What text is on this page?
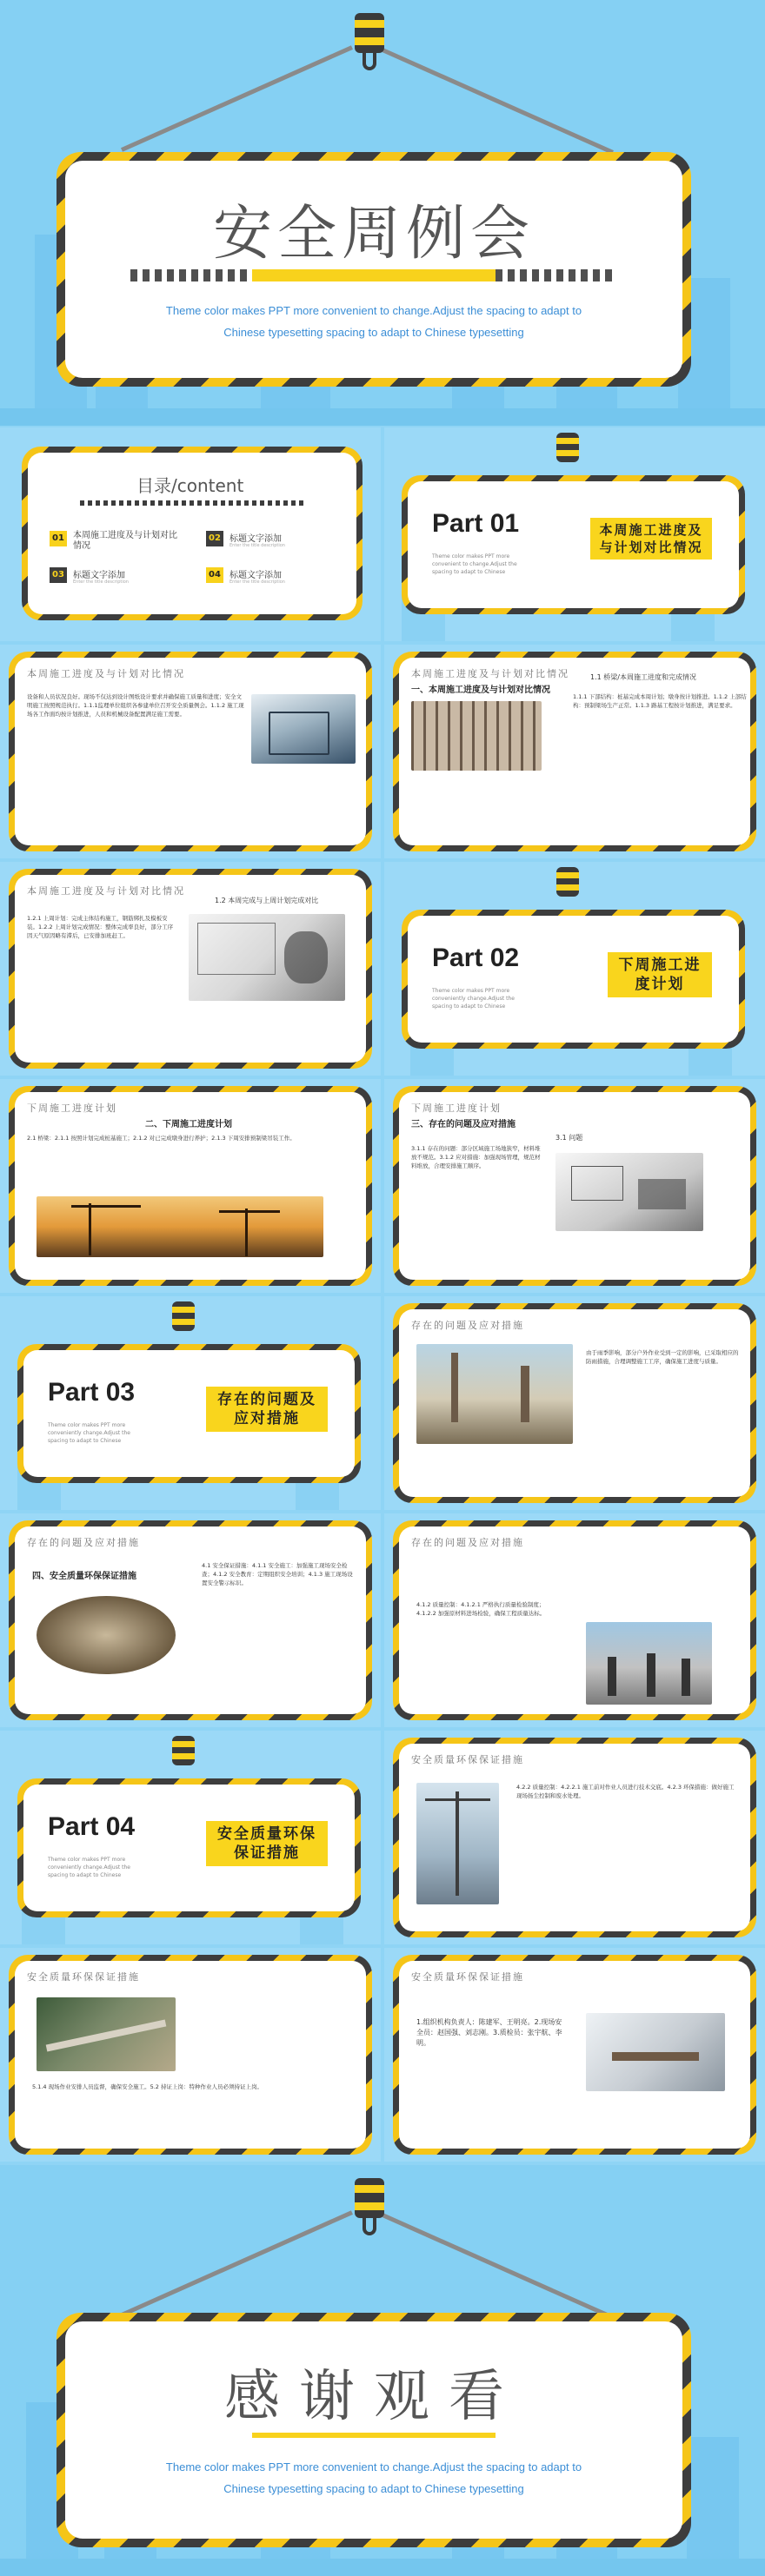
安全周例会
Theme color makes PPT more convenient to change.Adjust the spacing to adapt to
Chinese typesetting spacing to adapt to Chinese typesetting
目录/content
01	本周施工进度及与计划对比情况
02	标题文字添加
Enter the title description
03	标题文字添加
Enter the title description
04	标题文字添加
Enter the title description
Part 01
Theme color makes PPT more convenient to change.Adjust the spacing to adapt to Chinese
本周施工进度及与计划对比情况
本周施工进度及与计划对比情况
设备和人员状况良好。现场不仅达到设计图纸设计要求并确保施工质量和进度；安全文明施工按照规范执行。1.1.1监理单位组织各参建单位召开安全质量例会。1.1.2 施工现场各工作面均按计划推进，人员和机械设备配置满足施工需要。
本周施工进度及与计划对比情况
一、本周施工进度及与计划对比情况
1.1 桥梁/本周施工进度和完成情况
1.1.1 下部结构：桩基完成本周计划；墩身按计划推进。1.1.2 上部结构：预制梁场生产正常。1.1.3 路基工程按计划推进，满足要求。
本周施工进度及与计划对比情况
1.2 本周完成与上周计划完成对比
1.2.1 上周计划：完成主体结构施工，钢筋绑扎及模板安装。1.2.2 上周计划完成情况：整体完成率良好，部分工序因天气原因略有滞后，已安排加班赶工。
Part 02
Theme color makes PPT more conveniently change.Adjust the spacing to adapt to Chinese
下周施工进度计划
下周施工进度计划
二、下周施工进度计划
2.1 桥梁：2.1.1 按照计划完成桩基施工；2.1.2 对已完成墩身进行养护；2.1.3 下周安排预制梁吊装工作。
下周施工进度计划
三、存在的问题及应对措施
3.1 问题
3.1.1 存在的问题：部分区域施工场地狭窄，材料堆放不规范。3.1.2 应对措施：加强现场管理，规范材料堆放，合理安排施工顺序。
Part 03
Theme color makes PPT more conveniently change.Adjust the spacing to adapt to Chinese
存在的问题及应对措施
存在的问题及应对措施
由于雨季影响，部分户外作业受到一定的影响，已采取相应的防雨措施，合理调整施工工序，确保施工进度与质量。
存在的问题及应对措施
四、安全质量环保保证措施
4.1 安全保证措施：4.1.1 安全施工：加强施工现场安全检查；4.1.2 安全教育：定期组织安全培训；4.1.3 施工现场设置安全警示标识。
存在的问题及应对措施
4.1.2 质量控制：4.1.2.1 严格执行质量检验制度；4.1.2.2 加强原材料进场检验，确保工程质量达标。
Part 04
Theme color makes PPT more conveniently change.Adjust the spacing to adapt to Chinese
安全质量环保保证措施
安全质量环保保证措施
4.2.2 质量控制：4.2.2.1 施工前对作业人员进行技术交底。4.2.3 环保措施：做好施工现场扬尘控制和废水处理。
安全质量环保保证措施
5.1.4 现场作业安排人员监督，确保安全施工。5.2 持证上岗：特种作业人员必须持证上岗。
安全质量环保保证措施
1.组织机构负责人：陈建军、王明亮。2.现场安全员：赵国强、刘志刚。3.质检员：张宇航、李明。
感谢观看
Theme color makes PPT more convenient to change.Adjust the spacing to adapt to
Chinese typesetting spacing to adapt to Chinese typesetting
